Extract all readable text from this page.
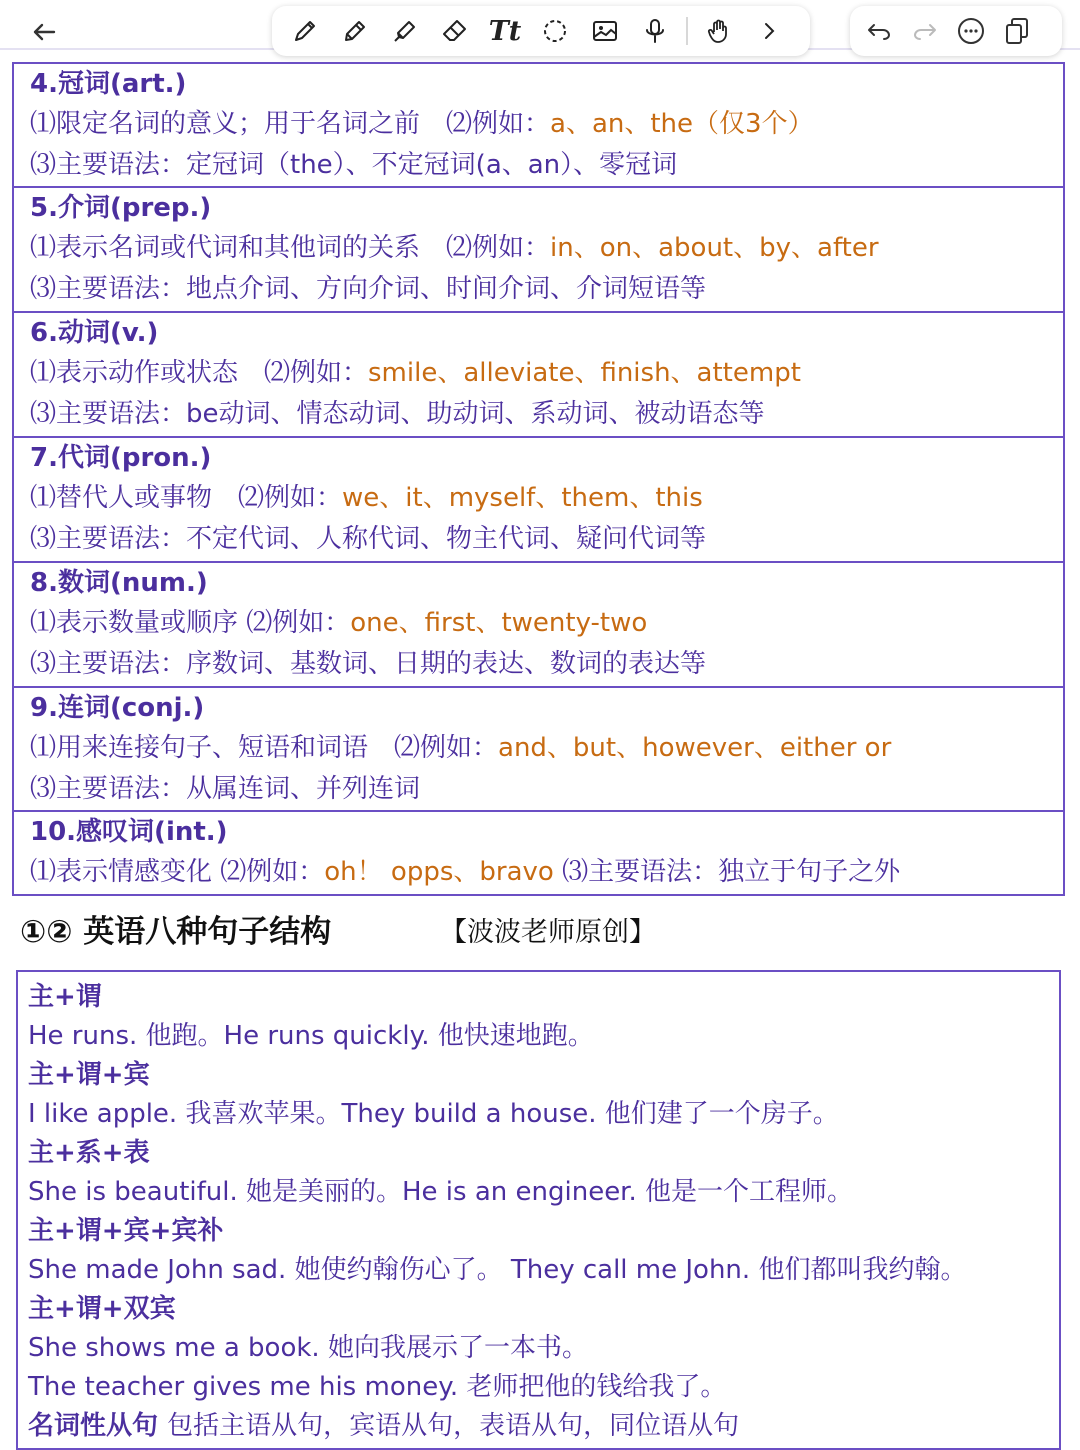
Tt
4.冠词(art.)
⑴限定名词的意义；用于名词之前　⑵例如：a、an、the（仅3个）
⑶主要语法：定冠词（the）、不定冠词(a、an）、零冠词
5.介词(prep.)
⑴表示名词或代词和其他词的关系　⑵例如：in、on、about、by、after
⑶主要语法：地点介词、方向介词、时间介词、介词短语等
6.动词(v.)
⑴表示动作或状态　⑵例如：smile、alleviate、finish、attempt
⑶主要语法：be动词、情态动词、助动词、系动词、被动语态等
7.代词(pron.)
⑴替代人或事物　⑵例如：we、it、myself、them、this
⑶主要语法：不定代词、人称代词、物主代词、疑问代词等
8.数词(num.)
⑴表示数量或顺序 ⑵例如：one、first、twenty-two
⑶主要语法：序数词、基数词、日期的表达、数词的表达等
9.连词(conj.)
⑴用来连接句子、短语和词语　⑵例如：and、but、however、either or
⑶主要语法：从属连词、并列连词
10.感叹词(int.)
⑴表示情感变化 ⑵例如：oh！ opps、bravo ⑶主要语法：独立于句子之外
①② 英语八种句子结构	【波波老师原创】
主+谓
He runs. 他跑。He runs quickly. 他快速地跑。
主+谓+宾
I like apple. 我喜欢苹果。They build a house. 他们建了一个房子。
主+系+表
She is beautiful. 她是美丽的。He is an engineer. 他是一个工程师。
主+谓+宾+宾补
She made John sad. 她使约翰伤心了。 They call me John. 他们都叫我约翰。
主+谓+双宾
She shows me a book. 她向我展示了一本书。
The teacher gives me his money. 老师把他的钱给我了。
名词性从句 包括主语从句，宾语从句，表语从句，同位语从句
